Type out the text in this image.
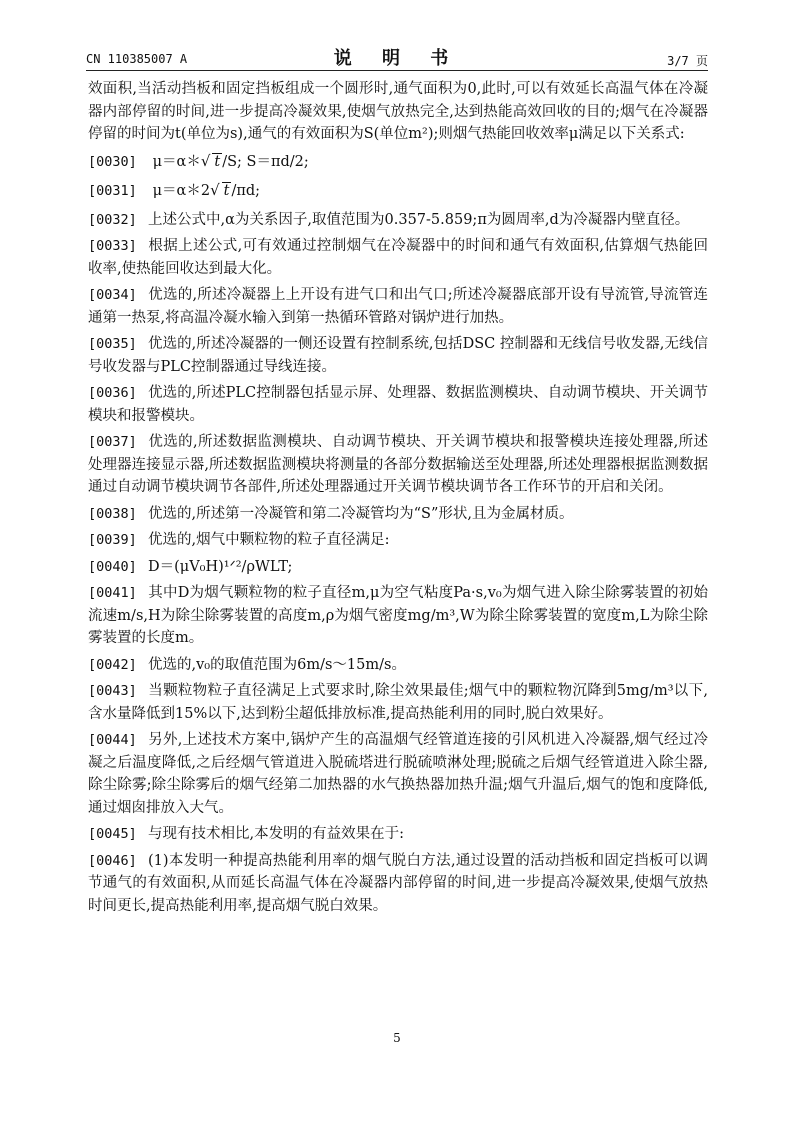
CN 110385007 A	说 明 书	3/7 页

效面积,当活动挡板和固定挡板组成一个圆形时,通气面积为0,此时,可以有效延长高温气体在冷凝器内部停留的时间,进一步提高冷凝效果,使烟气放热完全,达到热能高效回收的目的;烟气在冷凝器停留的时间为t(单位为s),通气的有效面积为S(单位m²);则烟气热能回收效率μ满足以下关系式:

[0030] μ＝α＊√ t /S; S＝πd/2;

[0031] μ＝α＊2√ t /πd;

[0032] 上述公式中,α为关系因子,取值范围为0.357-5.859;π为圆周率,d为冷凝器内壁直径。

[0033] 根据上述公式,可有效通过控制烟气在冷凝器中的时间和通气有效面积,估算烟气热能回收率,使热能回收达到最大化。

[0034] 优选的,所述冷凝器上上开设有进气口和出气口;所述冷凝器底部开设有导流管,导流管连通第一热泵,将高温冷凝水输入到第一热循环管路对锅炉进行加热。

[0035] 优选的,所述冷凝器的一侧还设置有控制系统,包括DSC 控制器和无线信号收发器,无线信号收发器与PLC控制器通过导线连接。

[0036] 优选的,所述PLC控制器包括显示屏、处理器、数据监测模块、自动调节模块、开关调节模块和报警模块。

[0037] 优选的,所述数据监测模块、自动调节模块、开关调节模块和报警模块连接处理器,所述处理器连接显示器,所述数据监测模块将测量的各部分数据输送至处理器,所述处理器根据监测数据通过自动调节模块调节各部件,所述处理器通过开关调节模块调节各工作环节的开启和关闭。

[0038] 优选的,所述第一冷凝管和第二冷凝管均为“S”形状,且为金属材质。

[0039] 优选的,烟气中颗粒物的粒子直径满足:

[0040] D＝(μV₀H)¹ᐟ²/ρWLT;

[0041] 其中D为烟气颗粒物的粒子直径m,μ为空气粘度Pa·s,v₀为烟气进入除尘除雾装置的初始流速m/s,H为除尘除雾装置的高度m,ρ为烟气密度mg/m³,W为除尘除雾装置的宽度m,L为除尘除雾装置的长度m。

[0042] 优选的,v₀的取值范围为6m/s～15m/s。

[0043] 当颗粒物粒子直径满足上式要求时,除尘效果最佳;烟气中的颗粒物沉降到5mg/m³以下,含水量降低到15%以下,达到粉尘超低排放标准,提高热能利用的同时,脱白效果好。

[0044] 另外,上述技术方案中,锅炉产生的高温烟气经管道连接的引风机进入冷凝器,烟气经过冷凝之后温度降低,之后经烟气管道进入脱硫塔进行脱硫喷淋处理;脱硫之后烟气经管道进入除尘器,除尘除雾;除尘除雾后的烟气经第二加热器的水气换热器加热升温;烟气升温后,烟气的饱和度降低,通过烟囱排放入大气。

[0045] 与现有技术相比,本发明的有益效果在于:

[0046] (1)本发明一种提高热能利用率的烟气脱白方法,通过设置的活动挡板和固定挡板可以调节通气的有效面积,从而延长高温气体在冷凝器内部停留的时间,进一步提高冷凝效果,使烟气放热时间更长,提高热能利用率,提高烟气脱白效果。

5
